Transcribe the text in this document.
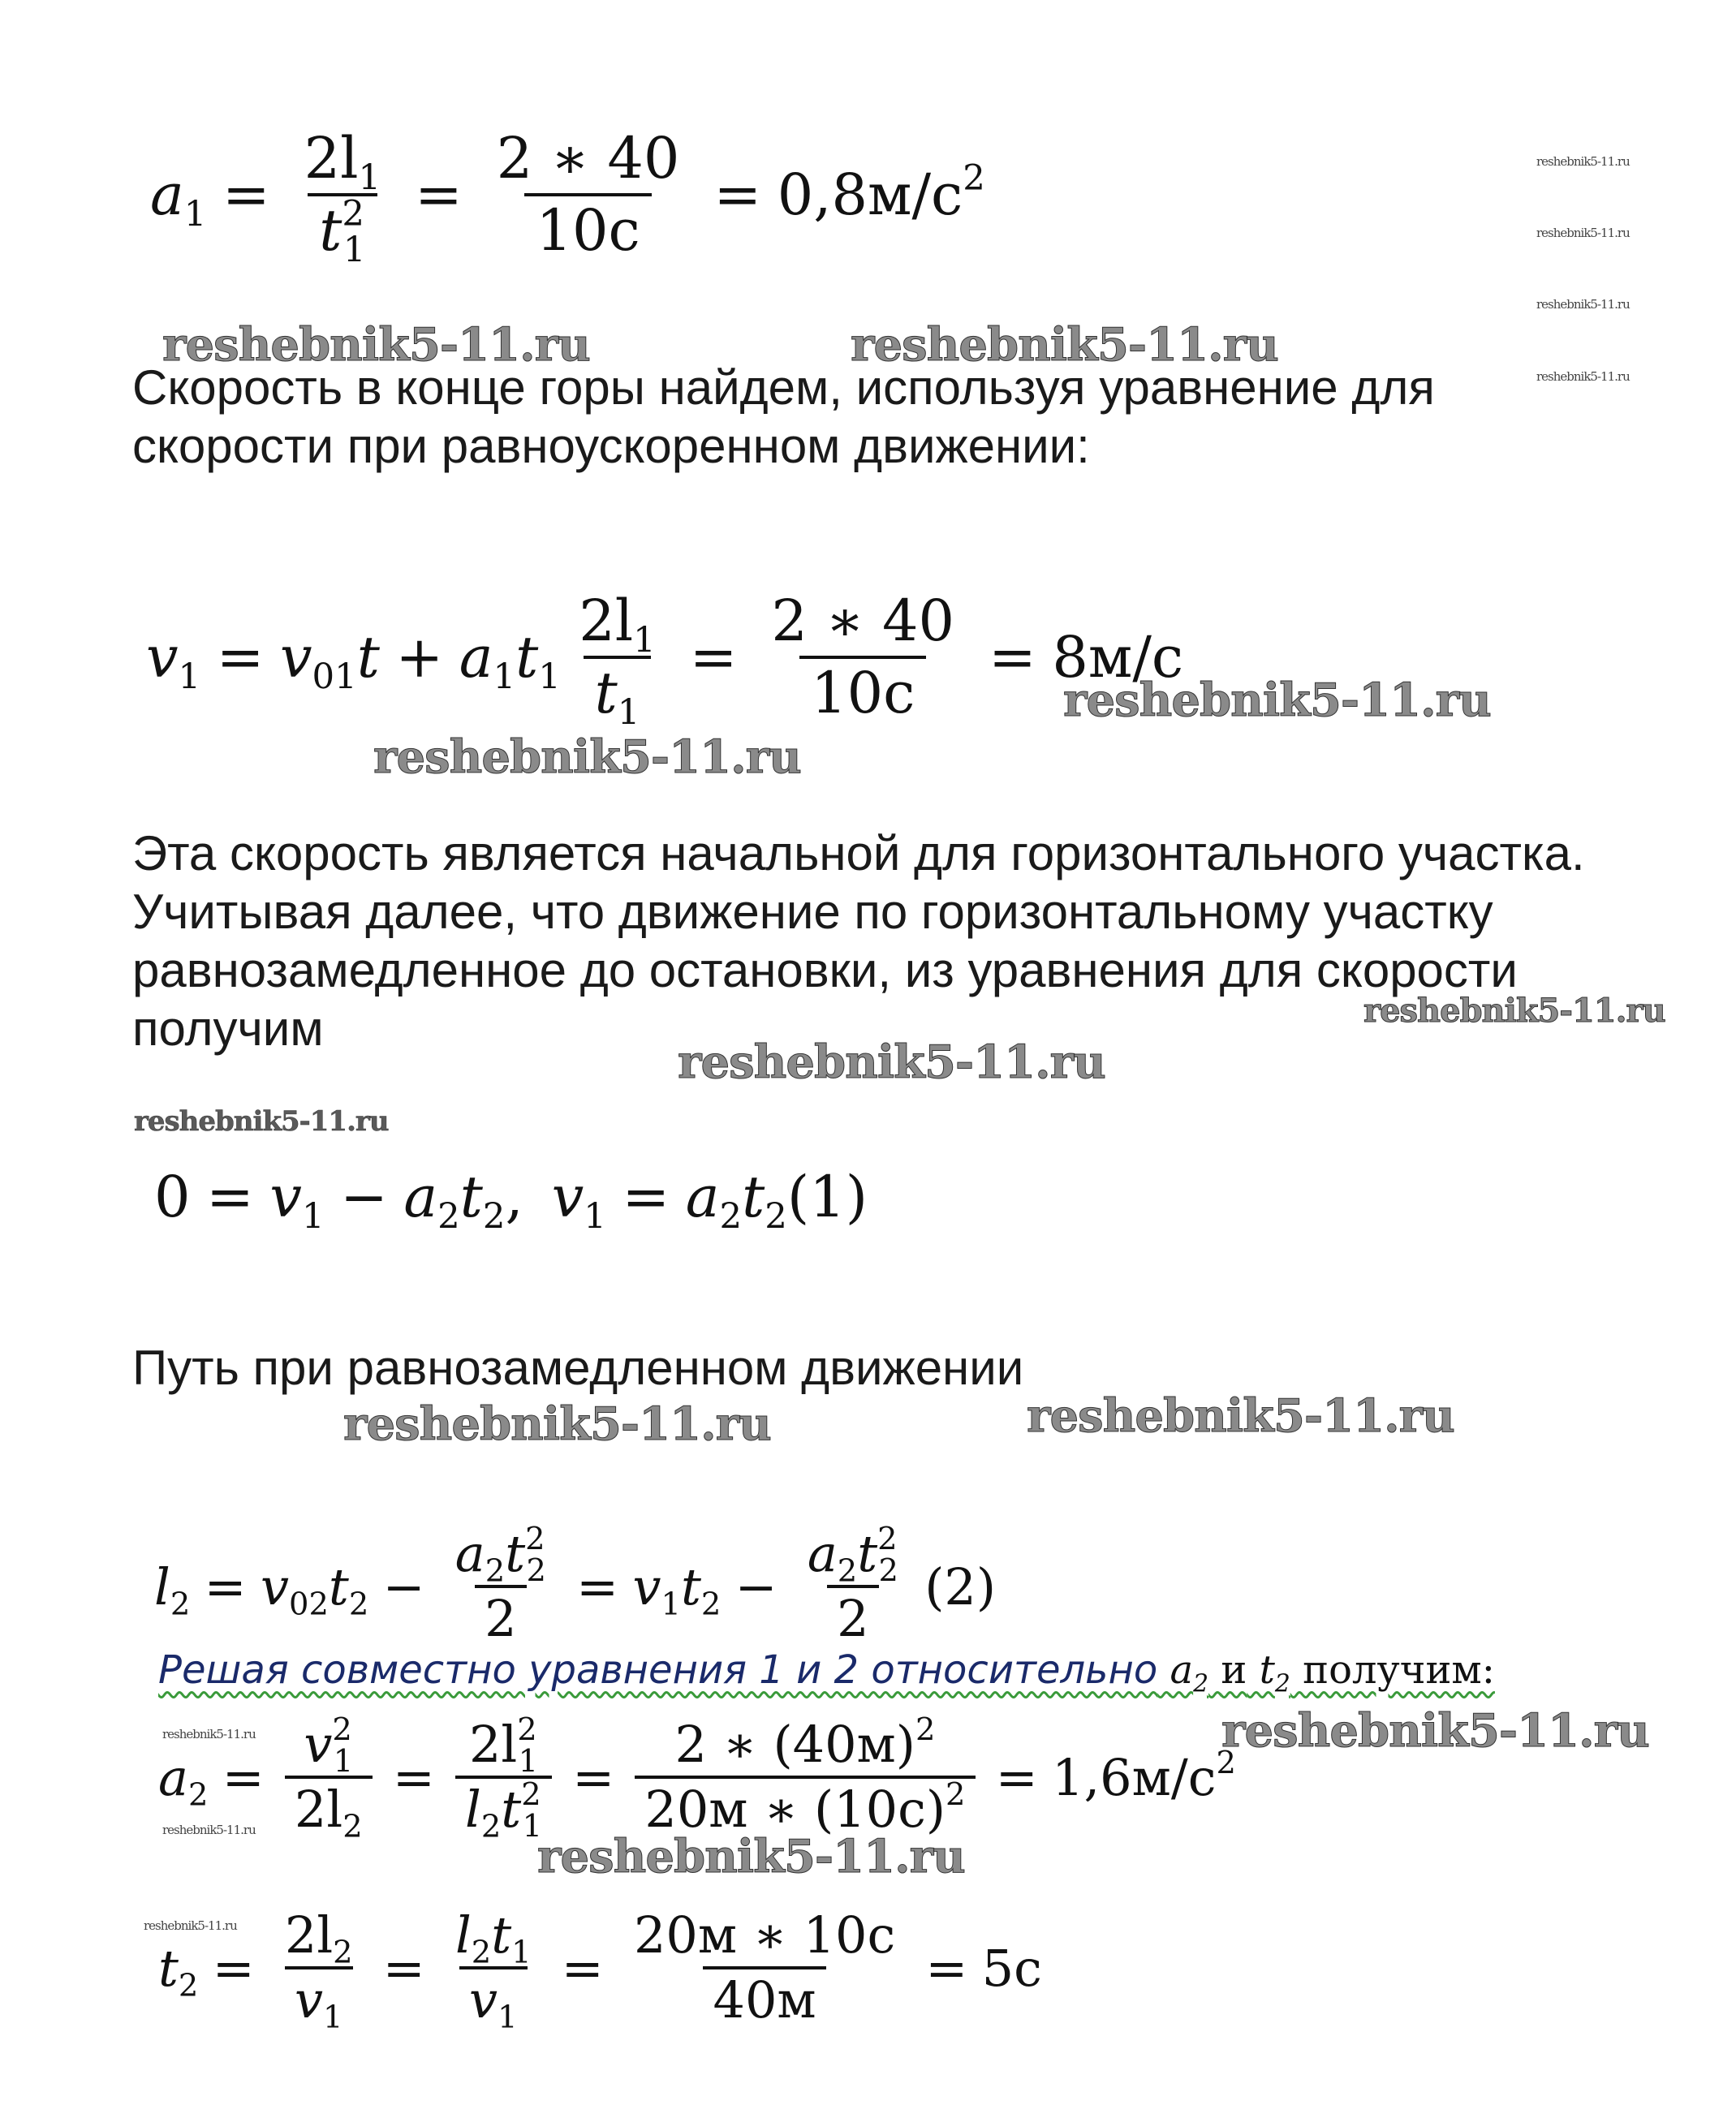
$a_1 = \frac{2l_1}{t^2_1} = \frac{2 ∗ 40}{10c} = 0,8м/с^2$	reshebnik5-11.ru
reshebnik5-11.ru
reshebnik5-11.ru
reshebnik5-11.ru
reshebnik5-11.ru	reshebnik5-11.ru

Скорость в конце горы найдем, используя уравнение для

скорости при равноускоренном движении:

$v_1 = v_{01}t + a_1t_1 \frac{2l_1}{t_1} = \frac{2 ∗ 40}{10c} = 8м/c$
reshebnik5-11.ru
reshebnik5-11.ru

Эта скорость является начальной для горизонтального участка.

Учитывая далее, что движение по горизонтальному участку

равнозамедленное до остановки, из уравнения для скорости

получим	reshebnik5-11.ru
reshebnik5-11.ru
reshebnik5-11.ru
$0 = v_1 - a_2t_2$ , $v_1 = a_2t_2(1)$

Путь при равнозамедленном движении

reshebnik5-11.ru	reshebnik5-11.ru
$l_2 = v_{02}t_2 - \frac{a_2t^2_2}{2} = v_1t_2 - \frac{a_2t^2_2}{2} (2)$
Решая совместно уравнения 1 и 2 относительно $a_2$ и $t_2$ получим:
reshebnik5-11.ru	reshebnik5-11.ru
$a_2 = \frac{v^2_1}{2l_2} = \frac{2l^2_1}{l_2t^2_1} = \frac{2 ∗ (40м)^2}{20м ∗ (10с)^2} = 1,6м/с^2$
reshebnik5-11.ru	reshebnik5-11.ru
reshebnik5-11.ru
$t_2 = \frac{2l_2}{v_1} = \frac{l_2t_1}{v_1} = \frac{20м ∗ 10с}{40м} = 5с$
